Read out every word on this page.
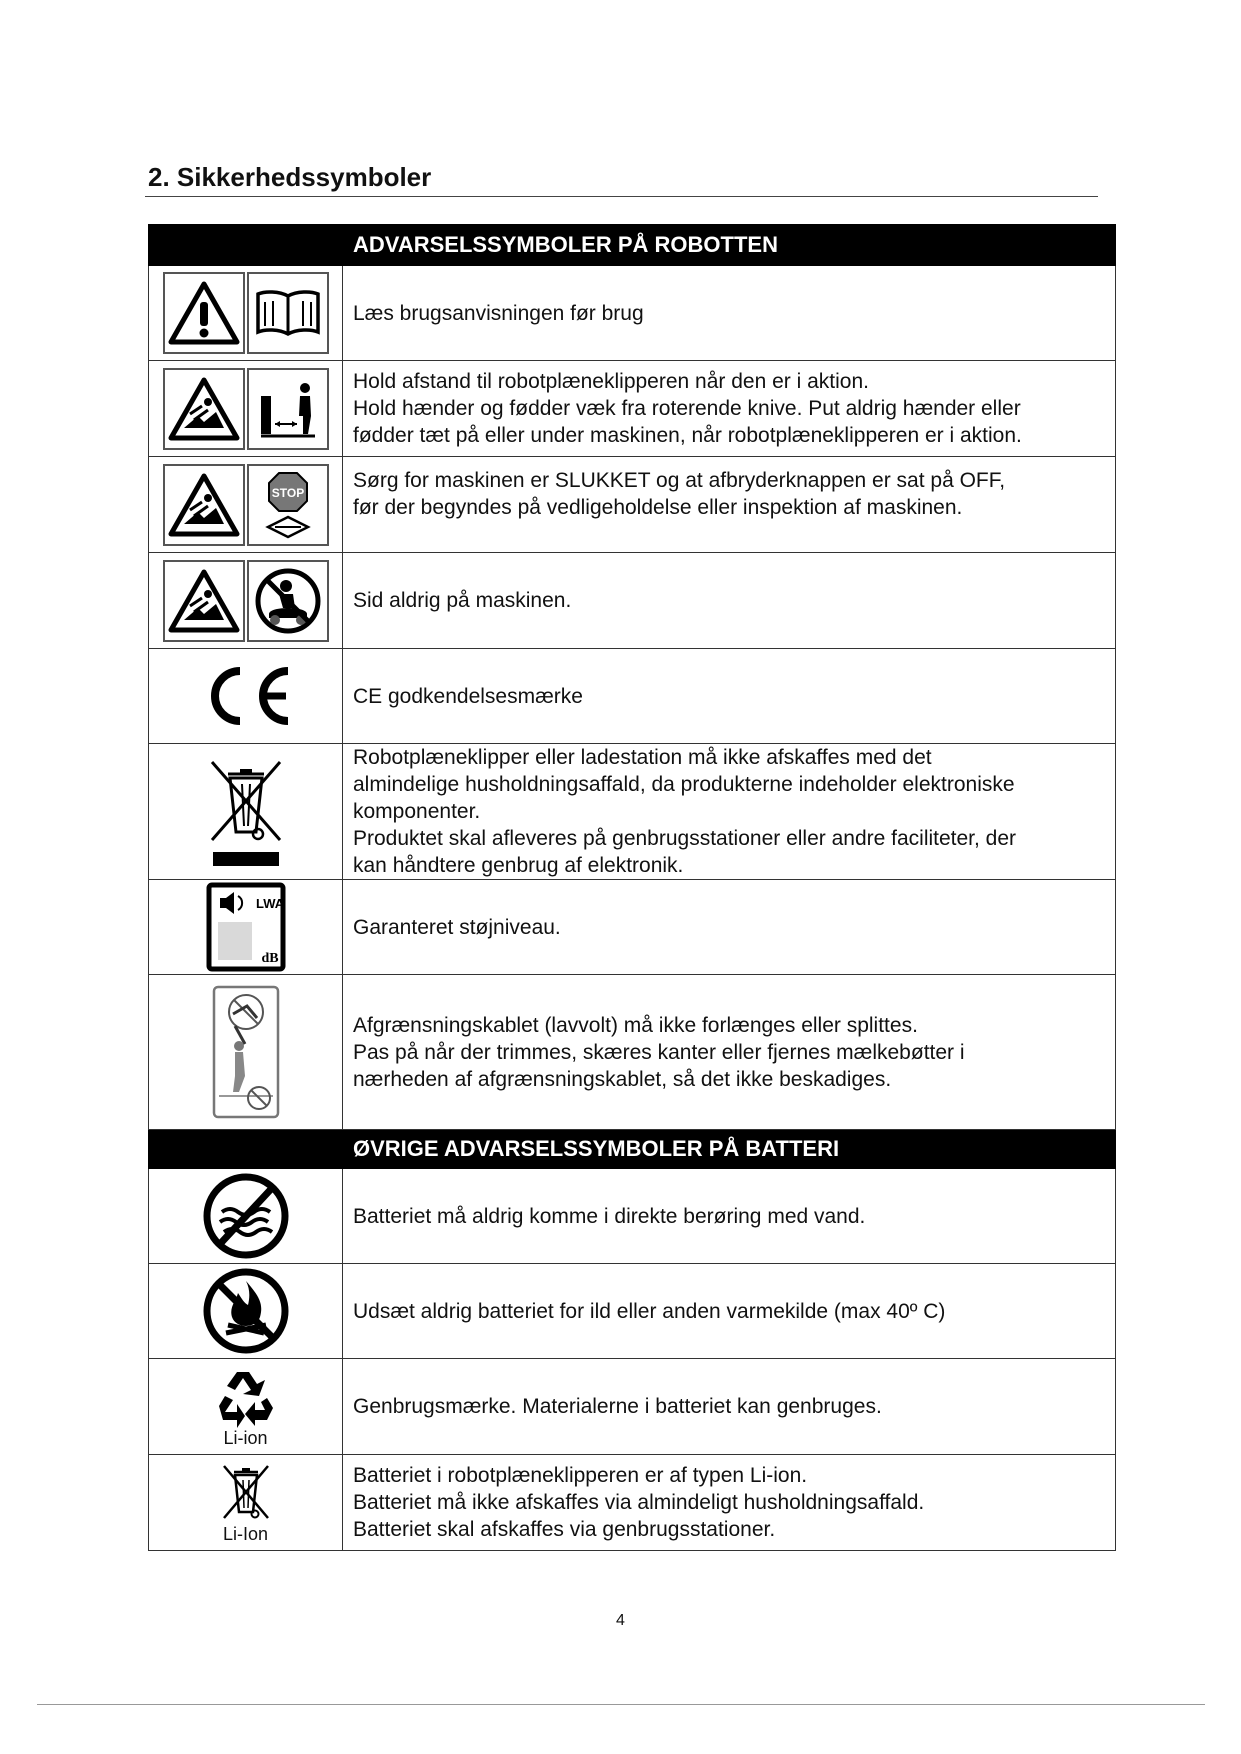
2. Sikkerhedssymboler
	ADVARSELSSYMBOLER PÅ ROBOTTEN

Læs brugsanvisningen før brug

Hold afstand til robotplæneklipperen når den er i aktion.
Hold hænder og fødder væk fra roterende knive. Put aldrig hænder eller
fødder tæt på eller under maskinen, når robotplæneklipperen er i aktion.

STOP	Sørg for maskinen er SLUKKET og at afbryderknappen er sat på OFF,
før der begyndes på vedligeholdelse eller inspektion af maskinen.

Sid aldrig på maskinen.

CE godkendelsesmærke

Robotplæneklipper eller ladestation må ikke afskaffes med det
almindelige husholdningsaffald, da produkterne indeholder elektroniske
komponenter.
Produktet skal afleveres på genbrugsstationer eller andre faciliteter, der
kan håndtere genbrug af elektronik.

LWA
dB	Garanteret støjniveau.

Afgrænsningskablet (lavvolt) må ikke forlænges eller splittes.
Pas på når der trimmes, skæres kanter eller fjernes mælkebøtter i
nærheden af afgrænsningskablet, så det ikke beskadiges.

	ØVRIGE ADVARSELSSYMBOLER PÅ BATTERI

Batteriet må aldrig komme i direkte berøring med vand.

Udsæt aldrig batteriet for ild eller anden varmekilde (max 40º C)

Li-ion	Genbrugsmærke. Materialerne i batteriet kan genbruges.

Li-Ion	Batteriet i robotplæneklipperen er af typen Li-ion.
Batteriet må ikke afskaffes via almindeligt husholdningsaffald.
Batteriet skal afskaffes via genbrugsstationer.
4
